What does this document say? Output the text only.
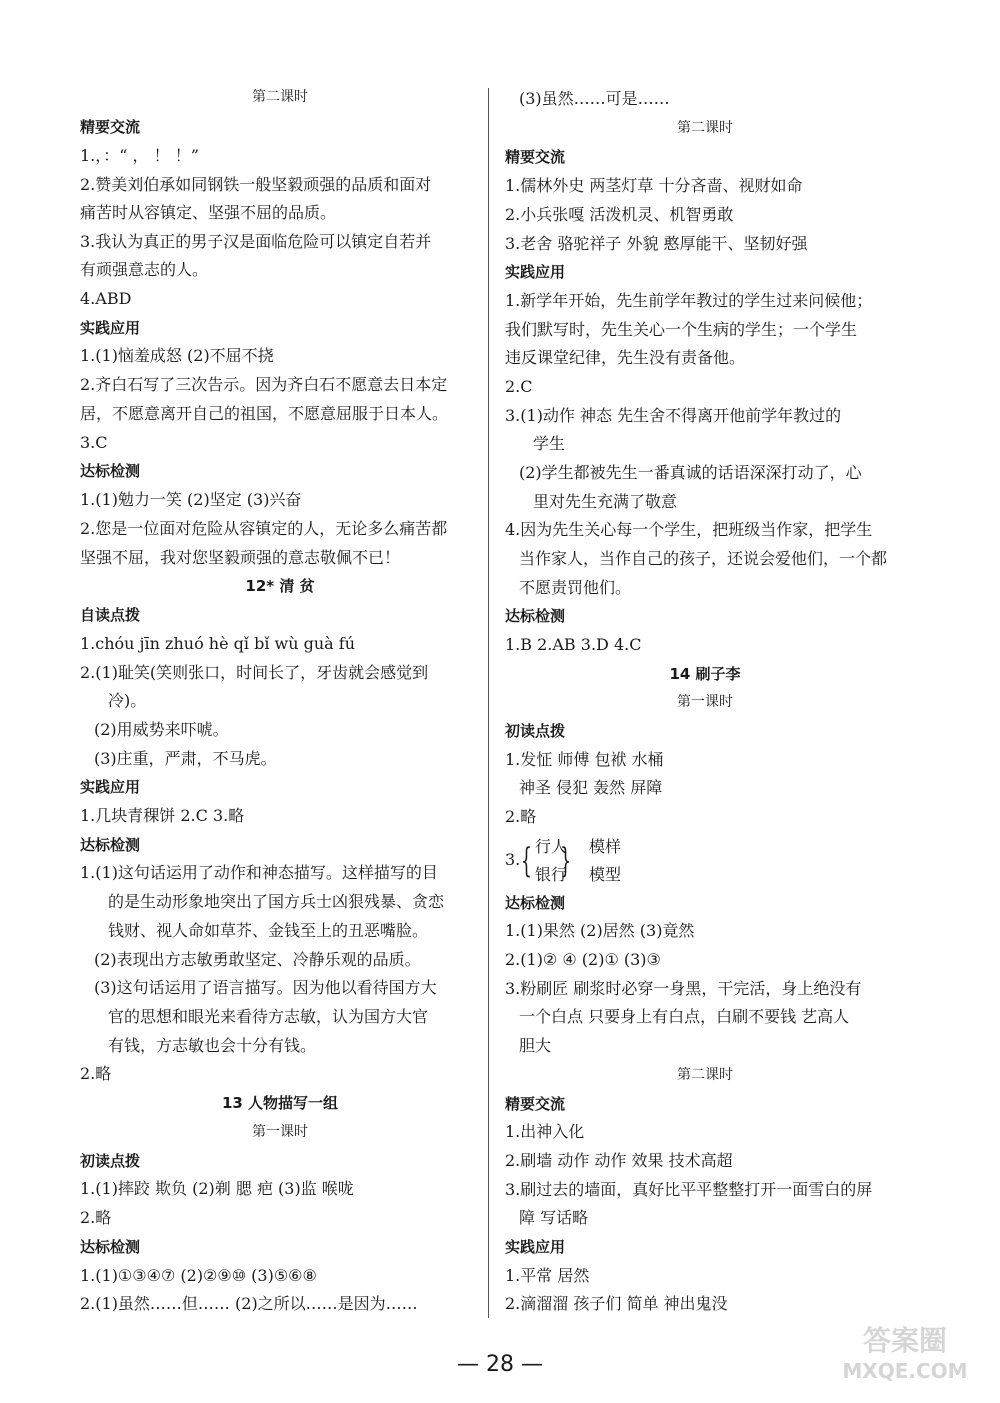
第二课时
精要交流
1.，：“ ， ！ ！”
2.赞美刘伯承如同钢铁一般坚毅顽强的品质和面对
痛苦时从容镇定、坚强不屈的品质。
3.我认为真正的男子汉是面临危险可以镇定自若并
有顽强意志的人。
4.ABD
实践应用
1.(1)恼羞成怒 (2)不屈不挠
2.齐白石写了三次告示。因为齐白石不愿意去日本定
居，不愿意离开自己的祖国，不愿意屈服于日本人。
3.C
达标检测
1.(1)勉力一笑 (2)坚定 (3)兴奋
2.您是一位面对危险从容镇定的人，无论多么痛苦都
坚强不屈，我对您坚毅顽强的意志敬佩不已！
12* 清 贫
自读点拨
1.chóu jīn zhuó hè qǐ bǐ wù guà fú
2.(1)耻笑(笑则张口，时间长了，牙齿就会感觉到
冷)。
(2)用威势来吓唬。
(3)庄重，严肃，不马虎。
实践应用
1.几块青稞饼 2.C 3.略
达标检测
1.(1)这句话运用了动作和神态描写。这样描写的目
的是生动形象地突出了国方兵士凶狠残暴、贪恋
钱财、视人命如草芥、金钱至上的丑恶嘴脸。
(2)表现出方志敏勇敢坚定、冷静乐观的品质。
(3)这句话运用了语言描写。因为他以看待国方大
官的思想和眼光来看待方志敏，认为国方大官
有钱，方志敏也会十分有钱。
2.略
13 人物描写一组
第一课时
初读点拨
1.(1)摔跤 欺负 (2)剃 腮 疤 (3)监 喉咙
2.略
达标检测
1.(1)①③④⑦ (2)②⑨⑩ (3)⑤⑥⑧
2.(1)虽然……但…… (2)之所以……是因为……
(3)虽然……可是……
第二课时
精要交流
1.儒林外史 两茎灯草 十分吝啬、视财如命
2.小兵张嘎 活泼机灵、机智勇敢
3.老舍 骆驼祥子 外貌 憨厚能干、坚韧好强
实践应用
1.新学年开始，先生前学年教过的学生过来问候他；
我们默写时，先生关心一个生病的学生；一个学生
违反课堂纪律，先生没有责备他。
2.C
3.(1)动作 神态 先生舍不得离开他前学年教过的
学生
(2)学生都被先生一番真诚的话语深深打动了，心
里对先生充满了敬意
4.因为先生关心每一个学生，把班级当作家，把学生
当作家人，当作自己的孩子，还说会爱他们，一个都
不愿责罚他们。
达标检测
1.B 2.AB 3.D 4.C
14 刷子李
第一课时
初读点拨
1.发怔 师傅 包袱 水桶
神圣 侵犯 轰然 屏障
2.略
3. { 行人
银行
{ 模样
模型
达标检测
1.(1)果然 (2)居然 (3)竟然
2.(1)② ④ (2)① (3)③
3.粉刷匠 刷浆时必穿一身黑，干完活，身上绝没有
一个白点 只要身上有白点，白刷不要钱 艺高人
胆大
第二课时
精要交流
1.出神入化
2.刷墙 动作 动作 效果 技术高超
3.刷过去的墙面，真好比平平整整打开一面雪白的屏
障 写话略
实践应用
1.平常 居然
2.滴溜溜 孩子们 简单 神出鬼没
— 28 —
答案圈
MXQE.COM
